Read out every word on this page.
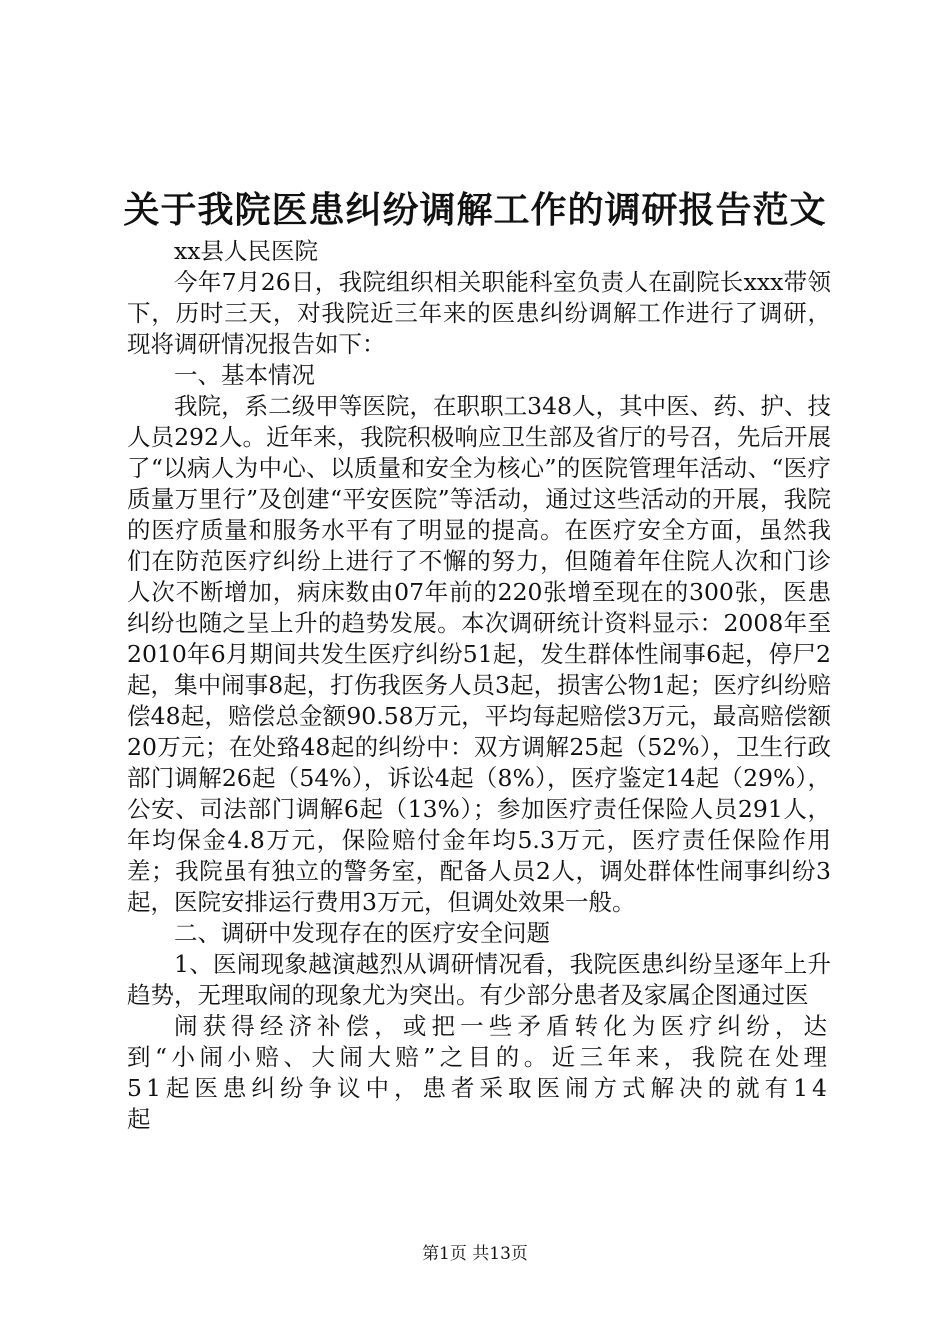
关于我院医患纠纷调解工作的调研报告范文

xx县人民医院

今年7月26日，我院组织相关职能科室负责人在副院长xxx带领下，历时三天，对我院近三年来的医患纠纷调解工作进行了调研，现将调研情况报告如下：

一、基本情况

我院，系二级甲等医院，在职职工348人，其中医、药、护、技人员292人。近年来，我院积极响应卫生部及省厅的号召，先后开展了“以病人为中心、以质量和安全为核心”的医院管理年活动、“医疗质量万里行”及创建“平安医院”等活动，通过这些活动的开展，我院的医疗质量和服务水平有了明显的提高。在医疗安全方面，虽然我们在防范医疗纠纷上进行了不懈的努力，但随着年住院人次和门诊人次不断增加，病床数由07年前的220张增至现在的300张，医患纠纷也随之呈上升的趋势发展。本次调研统计资料显示：2008年至2010年6月期间共发生医疗纠纷51起，发生群体性闹事6起，停尸2起，集中闹事8起，打伤我医务人员3起，损害公物1起；医疗纠纷赔偿48起，赔偿总金额90.58万元，平均每起赔偿3万元，最高赔偿额20万元；在处臵48起的纠纷中：双方调解25起（52%），卫生行政部门调解26起（54%），诉讼4起（8%），医疗鉴定14起（29%），公安、司法部门调解6起（13%）；参加医疗责任保险人员291人，年均保金4.8万元，保险赔付金年均5.3万元，医疗责任保险作用差；我院虽有独立的警务室，配备人员2人，调处群体性闹事纠纷3起，医院安排运行费用3万元，但调处效果一般。

二、调研中发现存在的医疗安全问题

1、医闹现象越演越烈从调研情况看，我院医患纠纷呈逐年上升趋势，无理取闹的现象尤为突出。有少部分患者及家属企图通过医

闹获得经济补偿，或把一些矛盾转化为医疗纠纷，达到“小闹小赔、大闹大赔”之目的。近三年来，我院在处理51起医患纠纷争议中，患者采取医闹方式解决的就有14起

第1页 共13页
